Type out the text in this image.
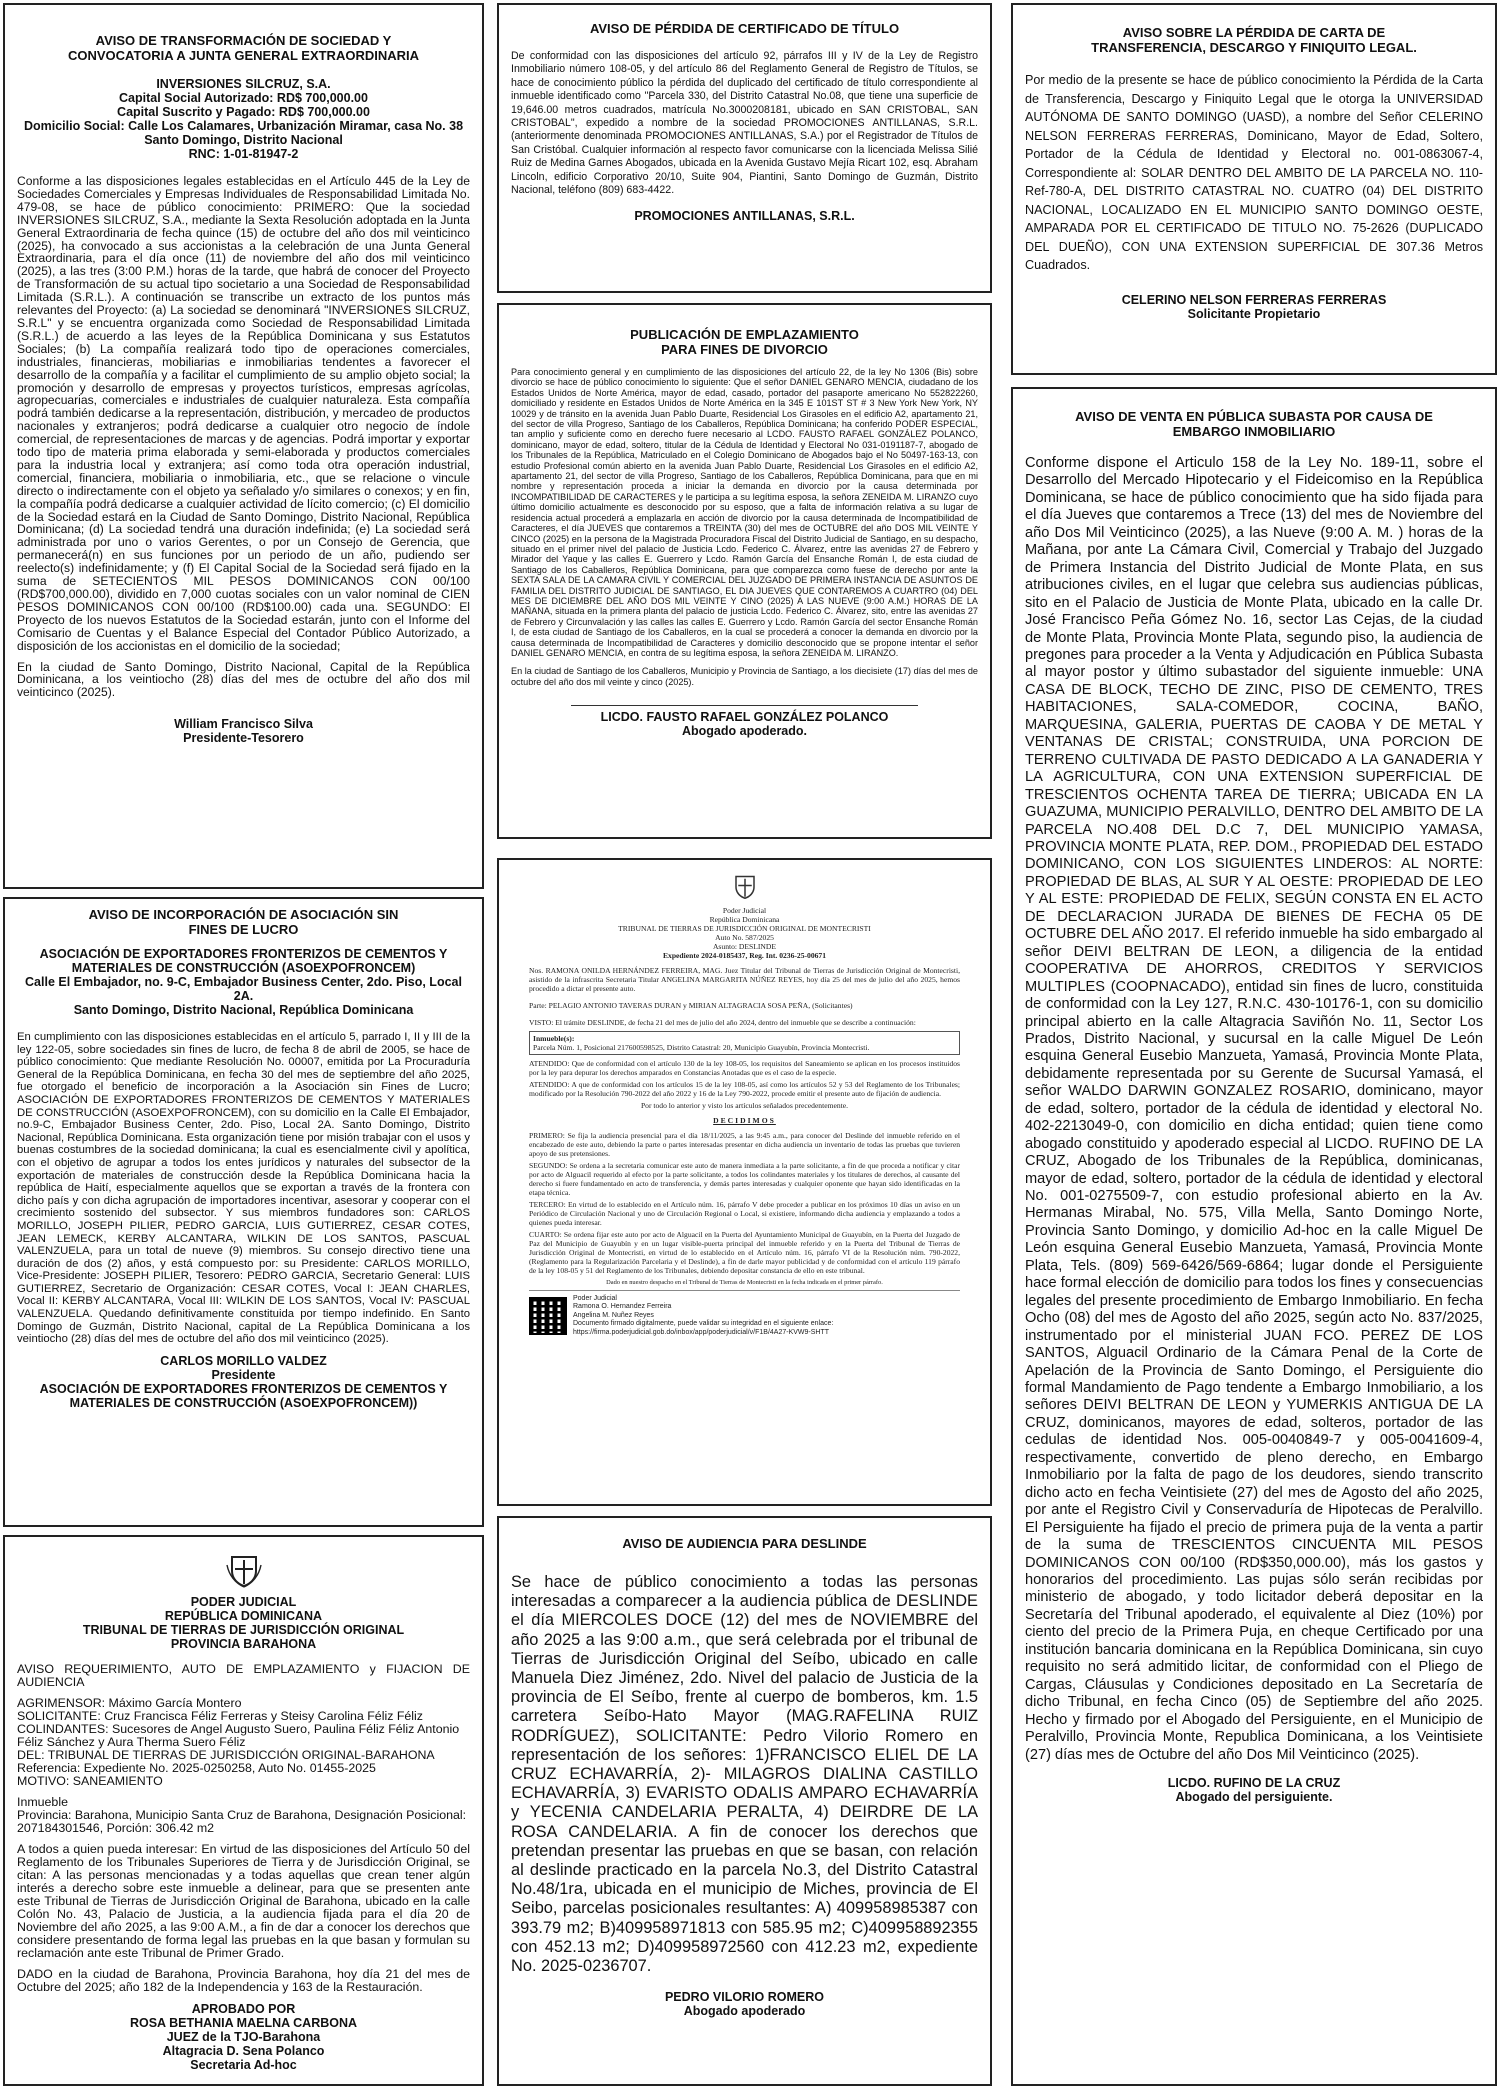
AVISO DE TRANSFORMACIÓN DE SOCIEDAD Y CONVOCATORIA A JUNTA GENERAL EXTRAORDINARIA
INVERSIONES SILCRUZ, S.A.
Capital Social Autorizado: RD$ 700,000.00
Capital Suscrito y Pagado: RD$ 700,000.00
Domicilio Social: Calle Los Calamares, Urbanización Miramar, casa No. 38
Santo Domingo, Distrito Nacional
RNC: 1-01-81947-2

Conforme a las disposiciones legales establecidas en el Artículo 445 de la Ley de Sociedades Comerciales y Empresas Individuales de Responsabilidad Limitada No. 479-08, se hace de público conocimiento: PRIMERO: Que la sociedad INVERSIONES SILCRUZ, S.A., mediante la Sexta Resolución adoptada en la Junta General Extraordinaria de fecha quince (15) de octubre del año dos mil veinticinco (2025), ha convocado a sus accionistas a la celebración de una Junta General Extraordinaria, para el día once (11) de noviembre del año dos mil veinticinco (2025), a las tres (3:00 P.M.) horas de la tarde, que habrá de conocer del Proyecto de Transformación de su actual tipo societario a una Sociedad de Responsabilidad Limitada (S.R.L.). A continuación se transcribe un extracto de los puntos más relevantes del Proyecto: (a) La sociedad se denominará "INVERSIONES SILCRUZ, S.R.L" y se encuentra organizada como Sociedad de Responsabilidad Limitada (S.R.L.) de acuerdo a las leyes de la República Dominicana y sus Estatutos Sociales; (b) La compañía realizará todo tipo de operaciones comerciales, industriales, financieras, mobiliarias e inmobiliarias tendentes a favorecer el desarrollo de la compañía y a facilitar el cumplimiento de su amplio objeto social; la promoción y desarrollo de empresas y proyectos turísticos, empresas agrícolas, agropecuarias, comerciales e industriales de cualquier naturaleza. Esta compañía podrá también dedicarse a la representación, distribución, y mercadeo de productos nacionales y extranjeros; podrá dedicarse a cualquier otro negocio de índole comercial, de representaciones de marcas y de agencias. Podrá importar y exportar todo tipo de materia prima elaborada y semi-elaborada y productos comerciales para la industria local y extranjera; así como toda otra operación industrial, comercial, financiera, mobiliaria o inmobiliaria, etc., que se relacione o vincule directo o indirectamente con el objeto ya señalado y/o similares o conexos; y en fin, la compañía podrá dedicarse a cualquier actividad de lícito comercio; (c) El domicilio de la Sociedad estará en la Ciudad de Santo Domingo, Distrito Nacional, República Dominicana; (d) La sociedad tendrá una duración indefinida; (e) La sociedad será administrada por uno o varios Gerentes, o por un Consejo de Gerencia, que permanecerá(n) en sus funciones por un periodo de un año, pudiendo ser reelecto(s) indefinidamente; y (f) El Capital Social de la Sociedad será fijado en la suma de SETECIENTOS MIL PESOS DOMINICANOS CON 00/100 (RD$700,000.00), dividido en 7,000 cuotas sociales con un valor nominal de CIEN PESOS DOMINICANOS CON 00/100 (RD$100.00) cada una. SEGUNDO: El Proyecto de los nuevos Estatutos de la Sociedad estarán, junto con el Informe del Comisario de Cuentas y el Balance Especial del Contador Público Autorizado, a disposición de los accionistas en el domicilio de la sociedad;

En la ciudad de Santo Domingo, Distrito Nacional, Capital de la República Dominicana, a los veintiocho (28) días del mes de octubre del año dos mil veinticinco (2025).

William Francisco Silva
Presidente-Tesorero
AVISO DE INCORPORACIÓN DE ASOCIACIÓN SIN FINES DE LUCRO
ASOCIACIÓN DE EXPORTADORES FRONTERIZOS DE CEMENTOS Y MATERIALES DE CONSTRUCCIÓN (ASOEXPOFRONCEM)
Calle El Embajador, no. 9-C, Embajador Business Center, 2do. Piso, Local 2A.
Santo Domingo, Distrito Nacional, República Dominicana

En cumplimiento con las disposiciones establecidas en el artículo 5, parrado I, II y III de la ley 122-05, sobre sociedades sin fines de lucro, de fecha 8 de abril de 2005, se hace de público conocimiento: Que mediante Resolución No. 00007, emitida por La Procuraduría General de la República Dominicana, en fecha 30 del mes de septiembre del año 2025, fue otorgado el beneficio de incorporación a la Asociación sin Fines de Lucro; ASOCIACIÓN DE EXPORTADORES FRONTERIZOS DE CEMENTOS Y MATERIALES DE CONSTRUCCIÓN (ASOEXPOFRONCEM), con su domicilio en la Calle El Embajador, no.9-C, Embajador Business Center, 2do. Piso, Local 2A. Santo Domingo, Distrito Nacional, República Dominicana. Esta organización tiene por misión trabajar con el usos y buenas costumbres de la sociedad dominicana; la cual es esencialmente civil y apolítica, con el objetivo de agrupar a todos los entes jurídicos y naturales del subsector de la exportación de materiales de construcción desde la República Dominicana hacia la república de Haití, especialmente aquellos que se exportan a través de la frontera con dicho país y con dicha agrupación de importadores incentivar, asesorar y cooperar con el crecimiento sostenido del subsector. Y sus miembros fundadores son: CARLOS MORILLO, JOSEPH PILIER, PEDRO GARCIA, LUIS GUTIERREZ, CESAR COTES, JEAN LEMECK, KERBY ALCANTARA, WILKIN DE LOS SANTOS, PASCUAL VALENZUELA, para un total de nueve (9) miembros. Su consejo directivo tiene una duración de dos (2) años, y está compuesto por: su Presidente: CARLOS MORILLO, Vice-Presidente: JOSEPH PILIER, Tesorero: PEDRO GARCIA, Secretario General: LUIS GUTIERREZ, Secretario de Organización: CESAR COTES, Vocal I: JEAN CHARLES, Vocal II: KERBY ALCANTARA, Vocal III: WILKIN DE LOS SANTOS, Vocal IV: PASCUAL VALENZUELA. Quedando definitivamente constituida por tiempo indefinido. En Santo Domingo de Guzmán, Distrito Nacional, capital de La República Dominicana a los veintiocho (28) días del mes de octubre del año dos mil veinticinco (2025).

CARLOS MORILLO VALDEZ
Presidente
ASOCIACIÓN DE EXPORTADORES FRONTERIZOS DE CEMENTOS Y MATERIALES DE CONSTRUCCIÓN (ASOEXPOFRONCEM))
PODER JUDICIAL
REPÚBLICA DOMINICANA
TRIBUNAL DE TIERRAS DE JURISDICCIÓN ORIGINAL
PROVINCIA BARAHONA

AVISO REQUERIMIENTO, AUTO DE EMPLAZAMIENTO y FIJACION DE AUDIENCIA

AGRIMENSOR: Máximo García Montero
SOLICITANTE: Cruz Francisca Féliz Ferreras y Steisy Carolina Féliz Féliz
COLINDANTES: Sucesores de Angel Augusto Suero, Paulina Féliz Féliz Antonio Féliz Sánchez y Aura Therma Suero Féliz
DEL: TRIBUNAL DE TIERRAS DE JURISDICCIÓN ORIGINAL-BARAHONA
Referencia: Expediente No. 2025-0250258, Auto No. 01455-2025
MOTIVO: SANEAMIENTO

Inmueble
Provincia: Barahona, Municipio Santa Cruz de Barahona, Designación Posicional: 207184301546, Porción: 306.42 m2

A todos a quien pueda interesar: En virtud de las disposiciones del Artículo 50 del Reglamento de los Tribunales Superiores de Tierra y de Jurisdicción Original, se citan: A las personas mencionadas y a todas aquellas que crean tener algún interés a derecho sobre este inmueble a delinear, para que se presenten ante este Tribunal de Tierras de Jurisdicción Original de Barahona, ubicado en la calle Colón No. 43, Palacio de Justicia, a la audiencia fijada para el día 20 de Noviembre del año 2025, a las 9:00 A.M., a fin de dar a conocer los derechos que considere presentando de forma legal las pruebas en la que basan y formulan su reclamación ante este Tribunal de Primer Grado.

DADO en la ciudad de Barahona, Provincia Barahona, hoy día 21 del mes de Octubre del 2025; año 182 de la Independencia y 163 de la Restauración.

APROBADO POR
ROSA BETHANIA MAELNA CARBONA
JUEZ de la TJO-Barahona
Altagracia D. Sena Polanco
Secretaria Ad-hoc
AVISO DE PÉRDIDA DE CERTIFICADO DE TÍTULO

De conformidad con las disposiciones del artículo 92, párrafos III y IV de la Ley de Registro Inmobiliario número 108-05, y del artículo 86 del Reglamento General de Registro de Títulos, se hace de conocimiento público la pérdida del duplicado del certificado de título correspondiente al inmueble identificado como "Parcela 330, del Distrito Catastral No.08, que tiene una superficie de 19,646.00 metros cuadrados, matrícula No.3000208181, ubicado en SAN CRISTOBAL, SAN CRISTOBAL", expedido a nombre de la sociedad PROMOCIONES ANTILLANAS, S.R.L. (anteriormente denominada PROMOCIONES ANTILLANAS, S.A.) por el Registrador de Títulos de San Cristóbal. Cualquier información al respecto favor comunicarse con la licenciada Melissa Silié Ruiz de Medina Garnes Abogados, ubicada en la Avenida Gustavo Mejía Ricart 102, esq. Abraham Lincoln, edificio Corporativo 20/10, Suite 904, Piantini, Santo Domingo de Guzmán, Distrito Nacional, teléfono (809) 683-4422.

PROMOCIONES ANTILLANAS, S.R.L.
PUBLICACIÓN DE EMPLAZAMIENTO PARA FINES DE DIVORCIO

Para conocimiento general y en cumplimiento de las disposiciones del artículo 22, de la ley No 1306 (Bis) sobre divorcio se hace de público conocimiento lo siguiente: Que el señor DANIEL GENARO MENCIA, ciudadano de los Estados Unidos de Norte América, mayor de edad, casado, portador del pasaporte americano No 552822260, domiciliado y residente en Estados Unidos de Norte América en la 345 E 101ST ST # 3 New York New York, NY 10029 y de tránsito en la avenida Juan Pablo Duarte, Residencial Los Girasoles en el edificio A2, apartamento 21, del sector de villa Progreso, Santiago de los Caballeros, República Dominicana; ha conferido PODER ESPECIAL, tan amplio y suficiente como en derecho fuere necesario al LCDO. FAUSTO RAFAEL GONZÁLEZ POLANCO, dominicano, mayor de edad, soltero, titular de la Cédula de Identidad y Electoral No 031-0191187-7, abogado de los Tribunales de la República, Matriculado en el Colegio Dominicano de Abogados bajo el No 50497-163-13, con estudio Profesional común abierto en la avenida Juan Pablo Duarte, Residencial Los Girasoles en el edificio A2, apartamento 21, del sector de villa Progreso, Santiago de los Caballeros, República Dominicana, para que en mi nombre y representación proceda a iniciar la demanda en divorcio por la causa determinada por INCOMPATIBILIDAD DE CARACTERES y le participa a su legítima esposa, la señora ZENEIDA M. LIRANZO cuyo último domicilio actualmente es desconocido por su esposo, que a falta de información relativa a su lugar de residencia actual procederá a emplazarla en acción de divorcio por la causa determinada de Incompatibilidad de Caracteres, el día JUEVES que contaremos a TREINTA (30) del mes de OCTUBRE del año DOS MIL VEINTE Y CINCO (2025) en la persona de la Magistrada Procuradora Fiscal del Distrito Judicial de Santiago, en su despacho, situado en el primer nivel del palacio de Justicia Lcdo. Federico C. Álvarez, entre las avenidas 27 de Febrero y Mirador del Yaque y las calles E. Guerrero y Lcdo. Ramón García del Ensanche Román I, de esta ciudad de Santiago de los Caballeros, República Dominicana, para que comparezca como fuese de derecho por ante la SEXTA SALA DE LA CAMARA CIVIL Y COMERCIAL DEL JUZGADO DE PRIMERA INSTANCIA DE ASUNTOS DE FAMILIA DEL DISTRITO JUDICIAL DE SANTIAGO, EL DIA JUEVES QUE CONTAREMOS A CUARTRO (04) DEL MES DE DICIEMBRE DEL AÑO DOS MIL VEINTE Y CINO (2025) A LAS NUEVE (9:00 A.M.) HORAS DE LA MAÑANA, situada en la primera planta del palacio de justicia Lcdo. Federico C. Álvarez, sito, entre las avenidas 27 de Febrero y Circunvalación y las calles las calles E. Guerrero y Lcdo. Ramón García del sector Ensanche Román I, de esta ciudad de Santiago de los Caballeros, en la cual se procederá a conocer la demanda en divorcio por la causa determinada de Incompatibilidad de Caracteres y domicilio desconocido que se propone intentar el señor DANIEL GENARO MENCIA, en contra de su legítima esposa, la señora ZENEIDA M. LIRANZO.

En la ciudad de Santiago de los Caballeros, Municipio y Provincia de Santiago, a los diecisiete (17) días del mes de octubre del año dos mil veinte y cinco (2025).

LICDO. FAUSTO RAFAEL GONZÁLEZ POLANCO
Abogado apoderado.
Poder Judicial
República Dominicana
TRIBUNAL DE TIERRAS DE JURISDICCIÓN ORIGINAL DE MONTECRISTI
Auto No. 587/2025
Asunto: DESLINDE
Expediente 2024-0185437, Reg. Int. 0236-25-00671

Nos. RAMONA ONILDA HERNÁNDEZ FERREIRA, MAG. Juez Titular del Tribunal de Tierras de Jurisdicción Original de Montecristi, asistido de la infrascrita Secretaria Titular ANGELINA MARGARITA NÚÑEZ REYES, hoy día 25 del mes de julio del año 2025, hemos procedido a dictar el presente auto.

Parte: PELAGIO ANTONIO TAVERAS DURAN y MIRIAN ALTAGRACIA SOSA PEÑA, (Solicitantes)

VISTO: El trámite DESLINDE, de fecha 21 del mes de julio del año 2024, dentro del inmueble que se describe a continuación:

Inmueble(s):
Parcela Núm. 1, Posicional 217600598525, Distrito Catastral: 20, Municipio Guayubín, Provincia Montecristi.

ATENDIDO: Que de conformidad con el artículo 130 de la ley 108-05, los requisitos del Saneamiento se aplican en los procesos instituidos por la ley para depurar los derechos amparados en Constancias Anotadas que es el caso de la especie.

ATENDIDO: A que de conformidad con los artículos 15 de la ley 108-05, así como los artículos 52 y 53 del Reglamento de los Tribunales; modificado por la Resolución 790-2022 del año 2022 y 16 de la Ley 790-2022, procede emitir el presente auto de fijación de audiencia.

Por todo lo anterior y visto los artículos señalados precedentemente.

DECIDIMOS

PRIMERO: Se fija la audiencia presencial para el día 18/11/2025, a las 9:45 a.m., para conocer del Deslinde del inmueble referido en el encabezado de este auto, debiendo la parte o partes interesadas presentar en dicha audiencia un inventario de todas las pruebas que tuvieren apoyo de sus pretensiones.

SEGUNDO: Se ordena a la secretaria comunicar este auto de manera inmediata a la parte solicitante, a fin de que proceda a notificar y citar por acto de Alguacil requerido al efecto por la parte solicitante, a todos los colindantes materiales y los titulares de derechos, al causante del derecho si fuere fundamentado en acto de transferencia, y demás partes interesadas y cualquier oponente que hayan sido identificadas en la etapa técnica.

TERCERO: En virtud de lo establecido en el Artículo núm. 16, párrafo V debe proceder a publicar en los próximos 10 días un aviso en un Periódico de Circulación Nacional y uno de Circulación Regional o Local, si existiere, informando dicha audiencia y emplazando a todos a quienes pueda interesar.

CUARTO: Se ordena fijar este auto por acto de Alguacil en la Puerta del Ayuntamiento Municipal de Guayubín, en la Puerta del Juzgado de Paz del Municipio de Guayubín y en un lugar visible-puerta principal del inmueble referido y en la Puerta del Tribunal de Tierras de Jurisdicción Original de Montecristi, en virtud de lo establecido en el Artículo núm. 16, párrafo VI de la Resolución núm. 790-2022, (Reglamento para la Regularización Parcelaria y el Deslinde), a fin de darle mayor publicidad y de conformidad con el artículo 119 párrafo de la ley 108-05 y 51 del Reglamento de los Tribunales, debiendo depositar constancia de ello en este tribunal.

Dado en nuestro despacho en el Tribunal de Tierras de Montecristi en la fecha indicada en el primer párrafo.

Poder Judicial
Ramona O. Hernandez Ferreira
Angelina M. Nuñez Reyes
Documento firmado digitalmente, puede validar su integridad en el siguiente enlace:
https://firma.poderjudicial.gob.do/inbox/app/poderjudicial/v/F1B/4A27-KVW9-SHTT
AVISO DE AUDIENCIA PARA DESLINDE

Se hace de público conocimiento a todas las personas interesadas a comparecer a la audiencia pública de DESLINDE el día MIERCOLES DOCE (12) del mes de NOVIEMBRE del año 2025 a las 9:00 a.m., que será celebrada por el tribunal de Tierras de Jurisdicción Original del Seíbo, ubicado en calle Manuela Diez Jiménez, 2do. Nivel del palacio de Justicia de la provincia de El Seíbo, frente al cuerpo de bomberos, km. 1.5 carretera Seíbo-Hato Mayor (MAG.RAFELINA RUIZ RODRÍGUEZ), SOLICITANTE: Pedro Vilorio Romero en representación de los señores: 1)FRANCISCO ELIEL DE LA CRUZ ECHAVARRÍA, 2)- MILAGROS DIALINA CASTILLO ECHAVARRÍA, 3) EVARISTO ODALIS AMPARO ECHAVARRÍA y YECENIA CANDELARIA PERALTA, 4) DEIRDRE DE LA ROSA CANDELARIA. A fin de conocer los derechos que pretendan presentar las pruebas en que se basan, con relación al deslinde practicado en la parcela No.3, del Distrito Catastral No.48/1ra, ubicada en el municipio de Miches, provincia de El Seibo, parcelas posicionales resultantes: A) 409958985387 con 393.79 m2; B)409958971813 con 585.95 m2; C)409958892355 con 452.13 m2; D)409958972560 con 412.23 m2, expediente No. 2025-0236707.

PEDRO VILORIO ROMERO
Abogado apoderado
AVISO SOBRE LA PÉRDIDA DE CARTA DE TRANSFERENCIA, DESCARGO Y FINIQUITO LEGAL.

Por medio de la presente se hace de público conocimiento la Pérdida de la Carta de Transferencia, Descargo y Finiquito Legal que le otorga la UNIVERSIDAD AUTÓNOMA DE SANTO DOMINGO (UASD), a nombre del Señor CELERINO NELSON FERRERAS FERRERAS, Dominicano, Mayor de Edad, Soltero, Portador de la Cédula de Identidad y Electoral no. 001-0863067-4, Correspondiente al: SOLAR DENTRO DEL AMBITO DE LA PARCELA NO. 110-Ref-780-A, DEL DISTRITO CATASTRAL NO. CUATRO (04) DEL DISTRITO NACIONAL, LOCALIZADO EN EL MUNICIPIO SANTO DOMINGO OESTE, AMPARADA POR EL CERTIFICADO DE TITULO NO. 75-2626 (DUPLICADO DEL DUEÑO), CON UNA EXTENSION SUPERFICIAL DE 307.36 Metros Cuadrados.

CELERINO NELSON FERRERAS FERRERAS
Solicitante Propietario
AVISO DE VENTA EN PÚBLICA SUBASTA POR CAUSA DE EMBARGO INMOBILIARIO

Conforme dispone el Articulo 158 de la Ley No. 189-11, sobre el Desarrollo del Mercado Hipotecario y el Fideicomiso en la República Dominicana, se hace de público conocimiento que ha sido fijada para el día Jueves que contaremos a Trece (13) del mes de Noviembre del año Dos Mil Veinticinco (2025), a las Nueve (9:00 A. M. ) horas de la Mañana, por ante La Cámara Civil, Comercial y Trabajo del Juzgado de Primera Instancia del Distrito Judicial de Monte Plata, en sus atribuciones civiles, en el lugar que celebra sus audiencias públicas, sito en el Palacio de Justicia de Monte Plata, ubicado en la calle Dr. José Francisco Peña Gómez No. 16, sector Las Cejas, de la ciudad de Monte Plata, Provincia Monte Plata, segundo piso, la audiencia de pregones para proceder a la Venta y Adjudicación en Pública Subasta al mayor postor y último subastador del siguiente inmueble: UNA CASA DE BLOCK, TECHO DE ZINC, PISO DE CEMENTO, TRES HABITACIONES, SALA-COMEDOR, COCINA, BAÑO, MARQUESINA, GALERIA, PUERTAS DE CAOBA Y DE METAL Y VENTANAS DE CRISTAL; CONSTRUIDA, UNA PORCION DE TERRENO CULTIVADA DE PASTO DEDICADO A LA GANADERIA Y LA AGRICULTURA, CON UNA EXTENSION SUPERFICIAL DE TRESCIENTOS OCHENTA TAREA DE TIERRA; UBICADA EN LA GUAZUMA, MUNICIPIO PERALVILLO, DENTRO DEL AMBITO DE LA PARCELA NO.408 DEL D.C 7, DEL MUNICIPIO YAMASA, PROVINCIA MONTE PLATA, REP. DOM., PROPIEDAD DEL ESTADO DOMINICANO, CON LOS SIGUIENTES LINDEROS: AL NORTE: PROPIEDAD DE BLAS, AL SUR Y AL OESTE: PROPIEDAD DE LEO Y AL ESTE: PROPIEDAD DE FELIX, SEGÚN CONSTA EN EL ACTO DE DECLARACION JURADA DE BIENES DE FECHA 05 DE OCTUBRE DEL AÑO 2017. El referido inmueble ha sido embargado al señor DEIVI BELTRAN DE LEON, a diligencia de la entidad COOPERATIVA DE AHORROS, CREDITOS Y SERVICIOS MULTIPLES (COOPNACADO), entidad sin fines de lucro, constituida de conformidad con la Ley 127, R.N.C. 430-10176-1, con su domicilio principal abierto en la calle Altagracia Saviñón No. 11, Sector Los Prados, Distrito Nacional, y sucursal en la calle Miguel De León esquina General Eusebio Manzueta, Yamasá, Provincia Monte Plata, debidamente representada por su Gerente de Sucursal Yamasá, el señor WALDO DARWIN GONZALEZ ROSARIO, dominicano, mayor de edad, soltero, portador de la cédula de identidad y electoral No. 402-2213049-0, con domicilio en dicha entidad; quien tiene como abogado constituido y apoderado especial al LICDO. RUFINO DE LA CRUZ, Abogado de los Tribunales de la República, dominicanas, mayor de edad, soltero, portador de la cédula de identidad y electoral No. 001-0275509-7, con estudio profesional abierto en la Av. Hermanas Mirabal, No. 575, Villa Mella, Santo Domingo Norte, Provincia Santo Domingo, y domicilio Ad-hoc en la calle Miguel De León esquina General Eusebio Manzueta, Yamasá, Provincia Monte Plata, Tels. (809) 569-6426/569-6864; lugar donde el Persiguiente hace formal elección de domicilio para todos los fines y consecuencias legales del presente procedimiento de Embargo Inmobiliario. En fecha Ocho (08) del mes de Agosto del año 2025, según acto No. 837/2025, instrumentado por el ministerial JUAN FCO. PEREZ DE LOS SANTOS, Alguacil Ordinario de la Cámara Penal de la Corte de Apelación de la Provincia de Santo Domingo, el Persiguiente dio formal Mandamiento de Pago tendente a Embargo Inmobiliario, a los señores DEIVI BELTRAN DE LEON y YUMERKIS ANTIGUA DE LA CRUZ, dominicanos, mayores de edad, solteros, portador de las cedulas de identidad Nos. 005-0040849-7 y 005-0041609-4, respectivamente, convertido de pleno derecho, en Embargo Inmobiliario por la falta de pago de los deudores, siendo transcrito dicho acto en fecha Veintisiete (27) del mes de Agosto del año 2025, por ante el Registro Civil y Conservaduría de Hipotecas de Peralvillo. El Persiguiente ha fijado el precio de primera puja de la venta a partir de la suma de TRESCIENTOS CINCUENTA MIL PESOS DOMINICANOS CON 00/100 (RD$350,000.00), más los gastos y honorarios del procedimiento. Las pujas sólo serán recibidas por ministerio de abogado, y todo licitador deberá depositar en la Secretaría del Tribunal apoderado, el equivalente al Diez (10%) por ciento del precio de la Primera Puja, en cheque Certificado por una institución bancaria dominicana en la República Dominicana, sin cuyo requisito no será admitido licitar, de conformidad con el Pliego de Cargas, Cláusulas y Condiciones depositado en La Secretaría de dicho Tribunal, en fecha Cinco (05) de Septiembre del año 2025. Hecho y firmado por el Abogado del Persiguiente, en el Municipio de Peralvillo, Provincia Monte, Republica Dominicana, a los Veintisiete (27) días mes de Octubre del año Dos Mil Veinticinco (2025).

LICDO. RUFINO DE LA CRUZ
Abogado del persiguiente.
